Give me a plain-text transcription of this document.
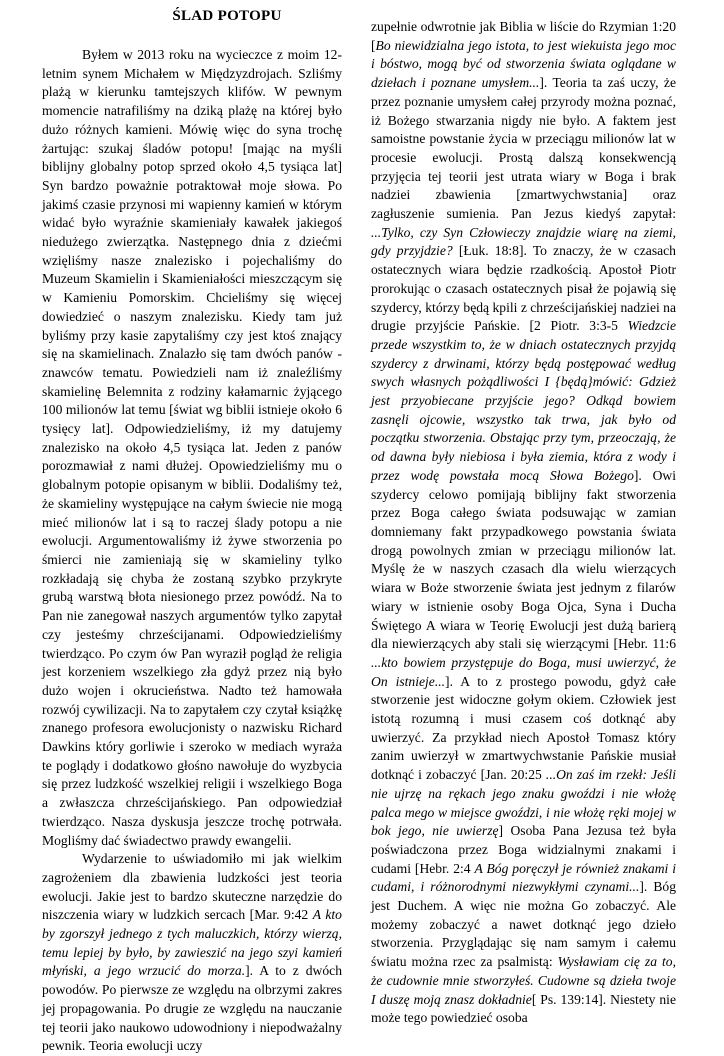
ŚLAD POTOPU

Byłem w 2013 roku na wycieczce z moim 12-letnim synem Michałem w Międzyzdrojach. Szliśmy plażą w kierunku tamtejszych klifów. W pewnym momencie natrafiliśmy na dziką plażę na której było dużo różnych kamieni. Mówię więc do syna trochę żartując: szukaj śladów potopu! [mając na myśli biblijny globalny potop sprzed około 4,5 tysiąca lat] Syn bardzo poważnie potraktował moje słowa. Po jakimś czasie przynosi mi wapienny kamień w którym widać było wyraźnie skamieniały kawałek jakiegoś niedużego zwierzątka. Następnego dnia z dziećmi wzięliśmy nasze znalezisko i pojechaliśmy do Muzeum Skamielin i Skamieniałości mieszczącym się w Kamieniu Pomorskim. Chcieliśmy się więcej dowiedzieć o naszym znalezisku. Kiedy tam już byliśmy przy kasie zapytaliśmy czy jest ktoś znający się na skamielinach. Znalazło się tam dwóch panów - znawców tematu. Powiedzieli nam iż znaleźliśmy skamielinę Belemnita z rodziny kałamarnic żyjącego 100 milionów lat temu [świat wg biblii istnieje około 6 tysięcy lat]. Odpowiedzieliśmy, iż my datujemy znalezisko na około 4,5 tysiąca lat. Jeden z panów porozmawiał z nami dłużej. Opowiedzieliśmy mu o globalnym potopie opisanym w biblii. Dodaliśmy też, że skamieliny występujące na całym świecie nie mogą mieć milionów lat i są to raczej ślady potopu a nie ewolucji. Argumentowaliśmy iż żywe stworzenia po śmierci nie zamieniają się w skamieliny tylko rozkładają się chyba że zostaną szybko przykryte grubą warstwą błota niesionego przez powódź. Na to Pan nie zanegował naszych argumentów tylko zapytał czy jesteśmy chrześcijanami. Odpowiedzieliśmy twierdząco. Po czym ów Pan wyraził pogląd że religia jest korzeniem wszelkiego zła gdyż przez nią było dużo wojen i okrucieństwa. Nadto też hamowała rozwój cywilizacji. Na to zapytałem czy czytał książkę znanego profesora ewolucjonisty o nazwisku Richard Dawkins który gorliwie i szeroko w mediach wyraża te poglądy i dodatkowo głośno nawołuje do wyzbycia się przez ludzkość wszelkiej religii i wszelkiego Boga a zwłaszcza chrześcijańskiego. Pan odpowiedział twierdząco. Nasza dyskusja jeszcze trochę potrwała. Mogliśmy dać świadectwo prawdy ewangelii.

Wydarzenie to uświadomiło mi jak wielkim zagrożeniem dla zbawienia ludzkości jest teoria ewolucji. Jakie jest to bardzo skuteczne narzędzie do niszczenia wiary w ludzkich sercach [Mar. 9:42 A kto by zgorszył jednego z tych maluczkich, którzy wierzą, temu lepiej by było, by zawieszić na jego szyi kamień młyński, a jego wrzucić do morza.]. A to z dwóch powodów. Po pierwsze ze względu na olbrzymi zakres jej propagowania. Po drugie ze względu na nauczanie tej teorii jako naukowo udowodniony i niepodważalny pewnik. Teoria ewolucji uczy

zupełnie odwrotnie jak Biblia w liście do Rzymian 1:20 [Bo niewidzialna jego istota, to jest wiekuista jego moc i bóstwo, mogą być od stworzenia świata oglądane w dziełach i poznane umysłem...]. Teoria ta zaś uczy, że przez poznanie umysłem całej przyrody można poznać, iż Bożego stwarzania nigdy nie było. A faktem jest samoistne powstanie życia w przeciągu milionów lat w procesie ewolucji. Prostą dalszą konsekwencją przyjęcia tej teorii jest utrata wiary w Boga i brak nadziei zbawienia [zmartwychwstania] oraz zagłuszenie sumienia. Pan Jezus kiedyś zapytał: ...Tylko, czy Syn Człowieczy znajdzie wiarę na ziemi, gdy przyjdzie? [Łuk. 18:8]. To znaczy, że w czasach ostatecznych wiara będzie rzadkością. Apostoł Piotr prorokując o czasach ostatecznych pisał że pojawią się szydercy, którzy będą kpili z chrześcijańskiej nadziei na drugie przyjście Pańskie. [2 Piotr. 3:3-5 Wiedzcie przede wszystkim to, że w dniach ostatecznych przyjdą szydercy z drwinami, którzy będą postępować według swych własnych pożądliwości I {będą}mówić: Gdzież jest przyobiecane przyjście jego? Odkąd bowiem zasnęli ojcowie, wszystko tak trwa, jak było od początku stworzenia. Obstając przy tym, przeoczają, że od dawna były niebiosa i była ziemia, która z wody i przez wodę powstała mocą Słowa Bożego]. Owi szydercy celowo pomijają biblijny fakt stworzenia przez Boga całego świata podsuwając w zamian domniemany fakt przypadkowego powstania świata drogą powolnych zmian w przeciągu milionów lat. Myślę że w naszych czasach dla wielu wierzących wiara w Boże stworzenie świata jest jednym z filarów wiary w istnienie osoby Boga Ojca, Syna i Ducha Świętego A wiara w Teorię Ewolucji jest dużą barierą dla niewierzących aby stali się wierzącymi [Hebr. 11:6 ...kto bowiem przystępuje do Boga, musi uwierzyć, że On istnieje...]. A to z prostego powodu, gdyż całe stworzenie jest widoczne gołym okiem. Człowiek jest istotą rozumną i musi czasem coś dotknąć aby uwierzyć. Za przykład niech Apostoł Tomasz który zanim uwierzył w zmartwychwstanie Pańskie musiał dotknąć i zobaczyć [Jan. 20:25 ...On zaś im rzekł: Jeśli nie ujrzę na rękach jego znaku gwoździ i nie włożę palca mego w miejsce gwoździ, i nie włożę ręki mojej w bok jego, nie uwierzę] Osoba Pana Jezusa też była poświadczona przez Boga widzialnymi znakami i cudami [Hebr. 2:4 A Bóg poręczył je również znakami i cudami, i różnorodnymi niezwykłymi czynami...]. Bóg jest Duchem. A więc nie można Go zobaczyć. Ale możemy zobaczyć a nawet dotknąć jego dzieło stworzenia. Przyglądając się nam samym i całemu światu można rzec za psalmistą: Wysławiam cię za to, że cudownie mnie stworzyłeś. Cudowne są dzieła twoje I duszę moją znasz dokładnie[ Ps. 139:14]. Niestety nie może tego powiedzieć osoba
